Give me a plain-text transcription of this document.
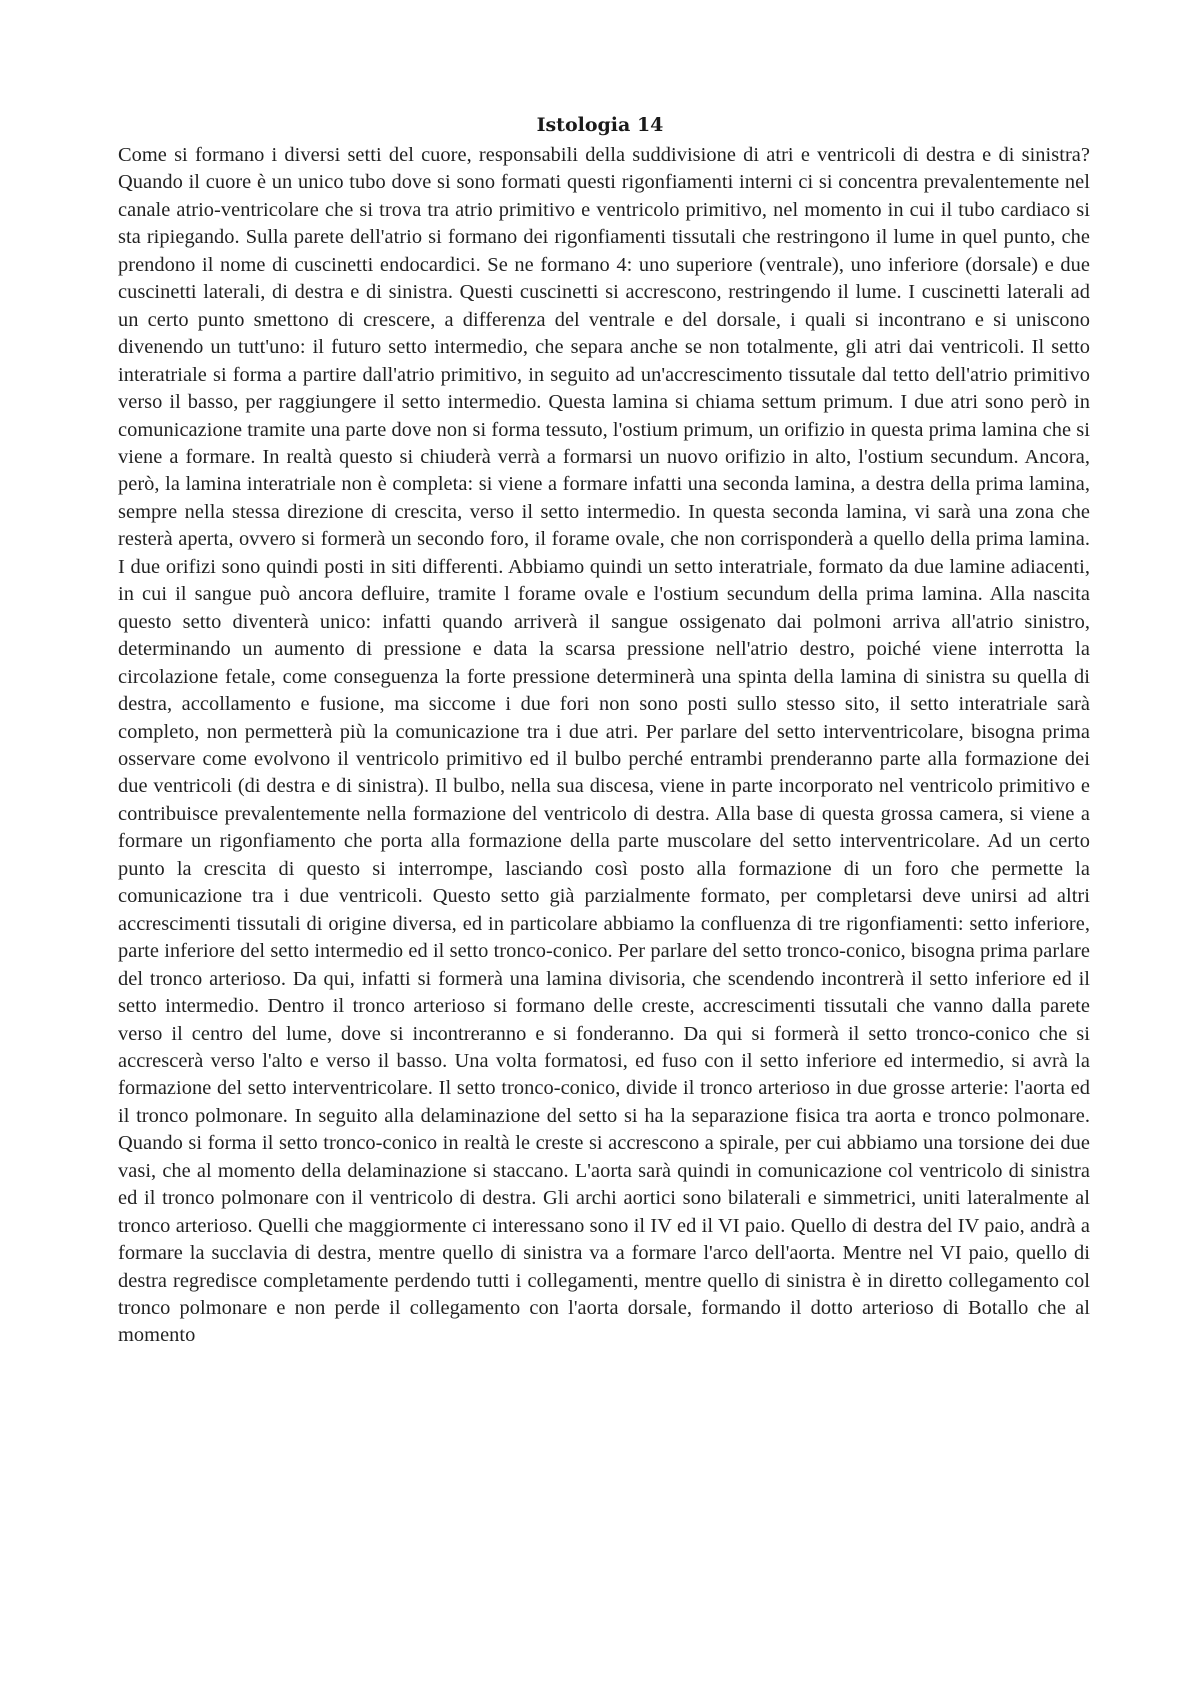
Istologia 14

Come si formano i diversi setti del cuore, responsabili della suddivisione di atri e ventricoli di destra e di sinistra? Quando il cuore è un unico tubo dove si sono formati questi rigonfiamenti interni ci si concentra prevalentemente nel canale atrio-ventricolare che si trova tra atrio primitivo e ventricolo primitivo, nel momento in cui il tubo cardiaco si sta ripiegando. Sulla parete dell'atrio si formano dei rigonfiamenti tissutali che restringono il lume in quel punto, che prendono il nome di cuscinetti endocardici. Se ne formano 4: uno superiore (ventrale), uno inferiore (dorsale) e due cuscinetti laterali, di destra e di sinistra. Questi cuscinetti si accrescono, restringendo il lume. I cuscinetti laterali ad un certo punto smettono di crescere, a differenza del ventrale e del dorsale, i quali si incontrano e si uniscono divenendo un tutt'uno: il futuro setto intermedio, che separa anche se non totalmente, gli atri dai ventricoli. Il setto interatriale si forma a partire dall'atrio primitivo, in seguito ad un'accrescimento tissutale dal tetto dell'atrio primitivo verso il basso, per raggiungere il setto intermedio. Questa lamina si chiama settum primum. I due atri sono però in comunicazione tramite una parte dove non si forma tessuto, l'ostium primum, un orifizio in questa prima lamina che si viene a formare. In realtà questo si chiuderà verrà a formarsi un nuovo orifizio in alto, l'ostium secundum. Ancora, però, la lamina interatriale non è completa: si viene a formare infatti una seconda lamina, a destra della prima lamina, sempre nella stessa direzione di crescita, verso il setto intermedio. In questa seconda lamina, vi sarà una zona che resterà aperta, ovvero si formerà un secondo foro, il forame ovale, che non corrisponderà a quello della prima lamina. I due orifizi sono quindi posti in siti differenti. Abbiamo quindi un setto interatriale, formato da due lamine adiacenti, in cui il sangue può ancora defluire, tramite l forame ovale e l'ostium secundum della prima lamina. Alla nascita questo setto diventerà unico: infatti quando arriverà il sangue ossigenato dai polmoni arriva all'atrio sinistro, determinando un aumento di pressione e data la scarsa pressione nell'atrio destro, poiché viene interrotta la circolazione fetale, come conseguenza la forte pressione determinerà una spinta della lamina di sinistra su quella di destra, accollamento e fusione, ma siccome i due fori non sono posti sullo stesso sito, il setto interatriale sarà completo, non permetterà più la comunicazione tra i due atri. Per parlare del setto interventricolare, bisogna prima osservare come evolvono il ventricolo primitivo ed il bulbo perché entrambi prenderanno parte alla formazione dei due ventricoli (di destra e di sinistra). Il bulbo, nella sua discesa, viene in parte incorporato nel ventricolo primitivo e contribuisce prevalentemente nella formazione del ventricolo di destra. Alla base di questa grossa camera, si viene a formare un rigonfiamento che porta alla formazione della parte muscolare del setto interventricolare. Ad un certo punto la crescita di questo si interrompe, lasciando così posto alla formazione di un foro che permette la comunicazione tra i due ventricoli. Questo setto già parzialmente formato, per completarsi deve unirsi ad altri accrescimenti tissutali di origine diversa, ed in particolare abbiamo la confluenza di tre rigonfiamenti: setto inferiore, parte inferiore del setto intermedio ed il setto tronco-conico. Per parlare del setto tronco-conico, bisogna prima parlare del tronco arterioso. Da qui, infatti si formerà una lamina divisoria, che scendendo incontrerà il setto inferiore ed il setto intermedio. Dentro il tronco arterioso si formano delle creste, accrescimenti tissutali che vanno dalla parete verso il centro del lume, dove si incontreranno e si fonderanno. Da qui si formerà il setto tronco-conico che si accrescerà verso l'alto e verso il basso. Una volta formatosi, ed fuso con il setto inferiore ed intermedio, si avrà la formazione del setto interventricolare. Il setto tronco-conico, divide il tronco arterioso in due grosse arterie: l'aorta ed il tronco polmonare. In seguito alla delaminazione del setto si ha la separazione fisica tra aorta e tronco polmonare. Quando si forma il setto tronco-conico in realtà le creste si accrescono a spirale, per cui abbiamo una torsione dei due vasi, che al momento della delaminazione si staccano. L'aorta sarà quindi in comunicazione col ventricolo di sinistra ed il tronco polmonare con il ventricolo di destra. Gli archi aortici sono bilaterali e simmetrici, uniti lateralmente al tronco arterioso. Quelli che maggiormente ci interessano sono il IV ed il VI paio. Quello di destra del IV paio, andrà a formare la succlavia di destra, mentre quello di sinistra va a formare l'arco dell'aorta. Mentre nel VI paio, quello di destra regredisce completamente perdendo tutti i collegamenti, mentre quello di sinistra è in diretto collegamento col tronco polmonare e non perde il collegamento con l'aorta dorsale, formando il dotto arterioso di Botallo che al momento
